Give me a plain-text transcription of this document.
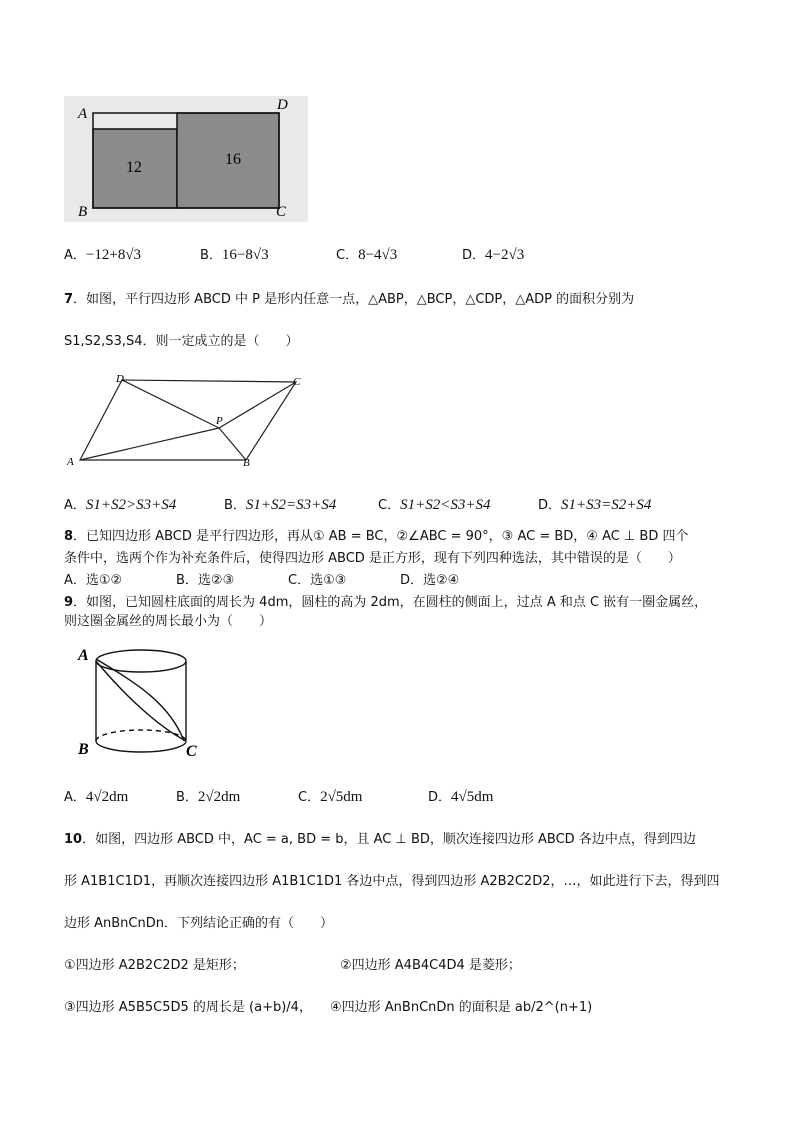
A
D
B	C
12	16
A．−12+8√3	B．16−8√3	C．8−4√3	D．4−2√3
7．如图，平行四边形 ABCD 中 P 是形内任意一点，△ABP，△BCP，△CDP，△ADP 的面积分别为
S1,S2,S3,S4．则一定成立的是（　　）
D	C
P
A	B
A．S1+S2>S3+S4	B．S1+S2=S3+S4	C．S1+S2<S3+S4	D．S1+S3=S2+S4
8．已知四边形 ABCD 是平行四边形，再从① AB = BC，②∠ABC = 90°，③ AC = BD，④ AC ⊥ BD 四个
条件中，选两个作为补充条件后，使得四边形 ABCD 是正方形，现有下列四种选法，其中错误的是（　　）
A．选①②	B．选②③	C．选①③	D．选②④
9．如图，已知圆柱底面的周长为 4dm，圆柱的高为 2dm，在圆柱的侧面上，过点 A 和点 C 嵌有一圈金属丝，
则这圈金属丝的周长最小为（　　）
A
B	C
A．4√2dm	B．2√2dm	C．2√5dm	D．4√5dm
10．如图，四边形 ABCD 中，AC = a, BD = b，且 AC ⊥ BD，顺次连接四边形 ABCD 各边中点，得到四边
形 A1B1C1D1，再顺次连接四边形 A1B1C1D1 各边中点，得到四边形 A2B2C2D2，…，如此进行下去，得到四
边形 AnBnCnDn．下列结论正确的有（　　）
①四边形 A2B2C2D2 是矩形；	②四边形 A4B4C4D4 是菱形；
③四边形 A5B5C5D5 的周长是 (a+b)/4， ④四边形 AnBnCnDn 的面积是 ab/2^(n+1)
